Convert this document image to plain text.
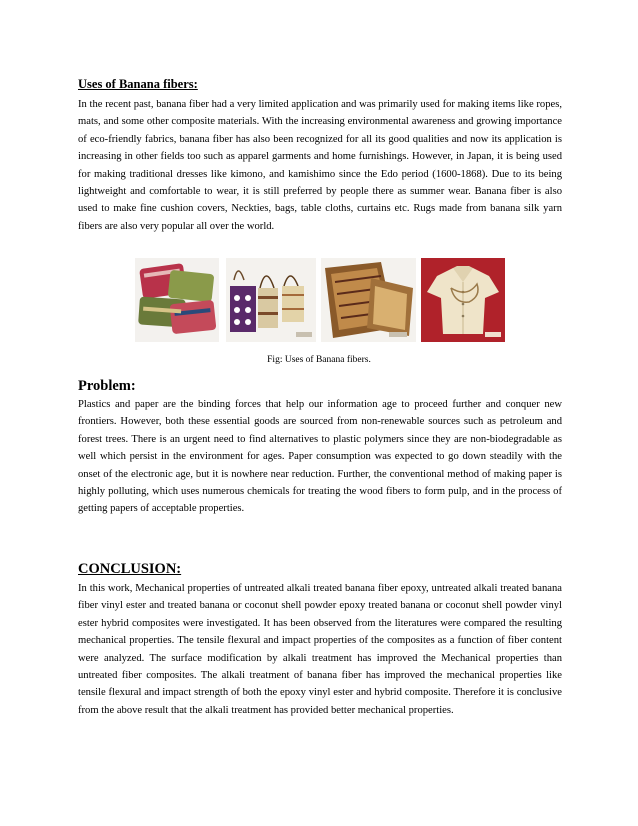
Uses of Banana fibers:

In the recent past, banana fiber had a very limited application and was primarily used for making items like ropes, mats, and some other composite materials. With the increasing environmental awareness and growing importance of eco-friendly fabrics, banana fiber has also been recognized for all its good qualities and now its application is increasing in other fields too such as apparel garments and home furnishings. However, in Japan, it is being used for making traditional dresses like kimono, and kamishimo since the Edo period (1600-1868). Due to its being lightweight and comfortable to wear, it is still preferred by people there as summer wear. Banana fiber is also used to make fine cushion covers, Neckties, bags, table cloths, curtains etc. Rugs made from banana silk yarn fibers are also very popular all over the world.

Fig: Uses of Banana fibers.
Problem:

Plastics and paper are the binding forces that help our information age to proceed further and conquer new frontiers. However, both these essential goods are sourced from non-renewable sources such as petroleum and forest trees. There is an urgent need to find alternatives to plastic polymers since they are non-biodegradable as well which persist in the environment for ages. Paper consumption was expected to go down steadily with the onset of the electronic age, but it is nowhere near reduction. Further, the conventional method of making paper is highly polluting, which uses numerous chemicals for treating the wood fibers to form pulp, and in the process of getting papers of acceptable properties.

CONCLUSION:

In this work, Mechanical properties of untreated alkali treated banana fiber epoxy, untreated alkali treated banana fiber vinyl ester and treated banana or coconut shell powder epoxy treated banana or coconut shell powder vinyl ester hybrid composites were investigated. It has been observed from the literatures were compared the resulting mechanical properties. The tensile flexural and impact properties of the composites as a function of fiber content were analyzed. The surface modification by alkali treatment has improved the Mechanical properties than untreated fiber composites. The alkali treatment of banana fiber has improved the mechanical properties like tensile flexural and impact strength of both the epoxy vinyl ester and hybrid composite. Therefore it is conclusive from the above result that the alkali treatment has provided better mechanical properties.
